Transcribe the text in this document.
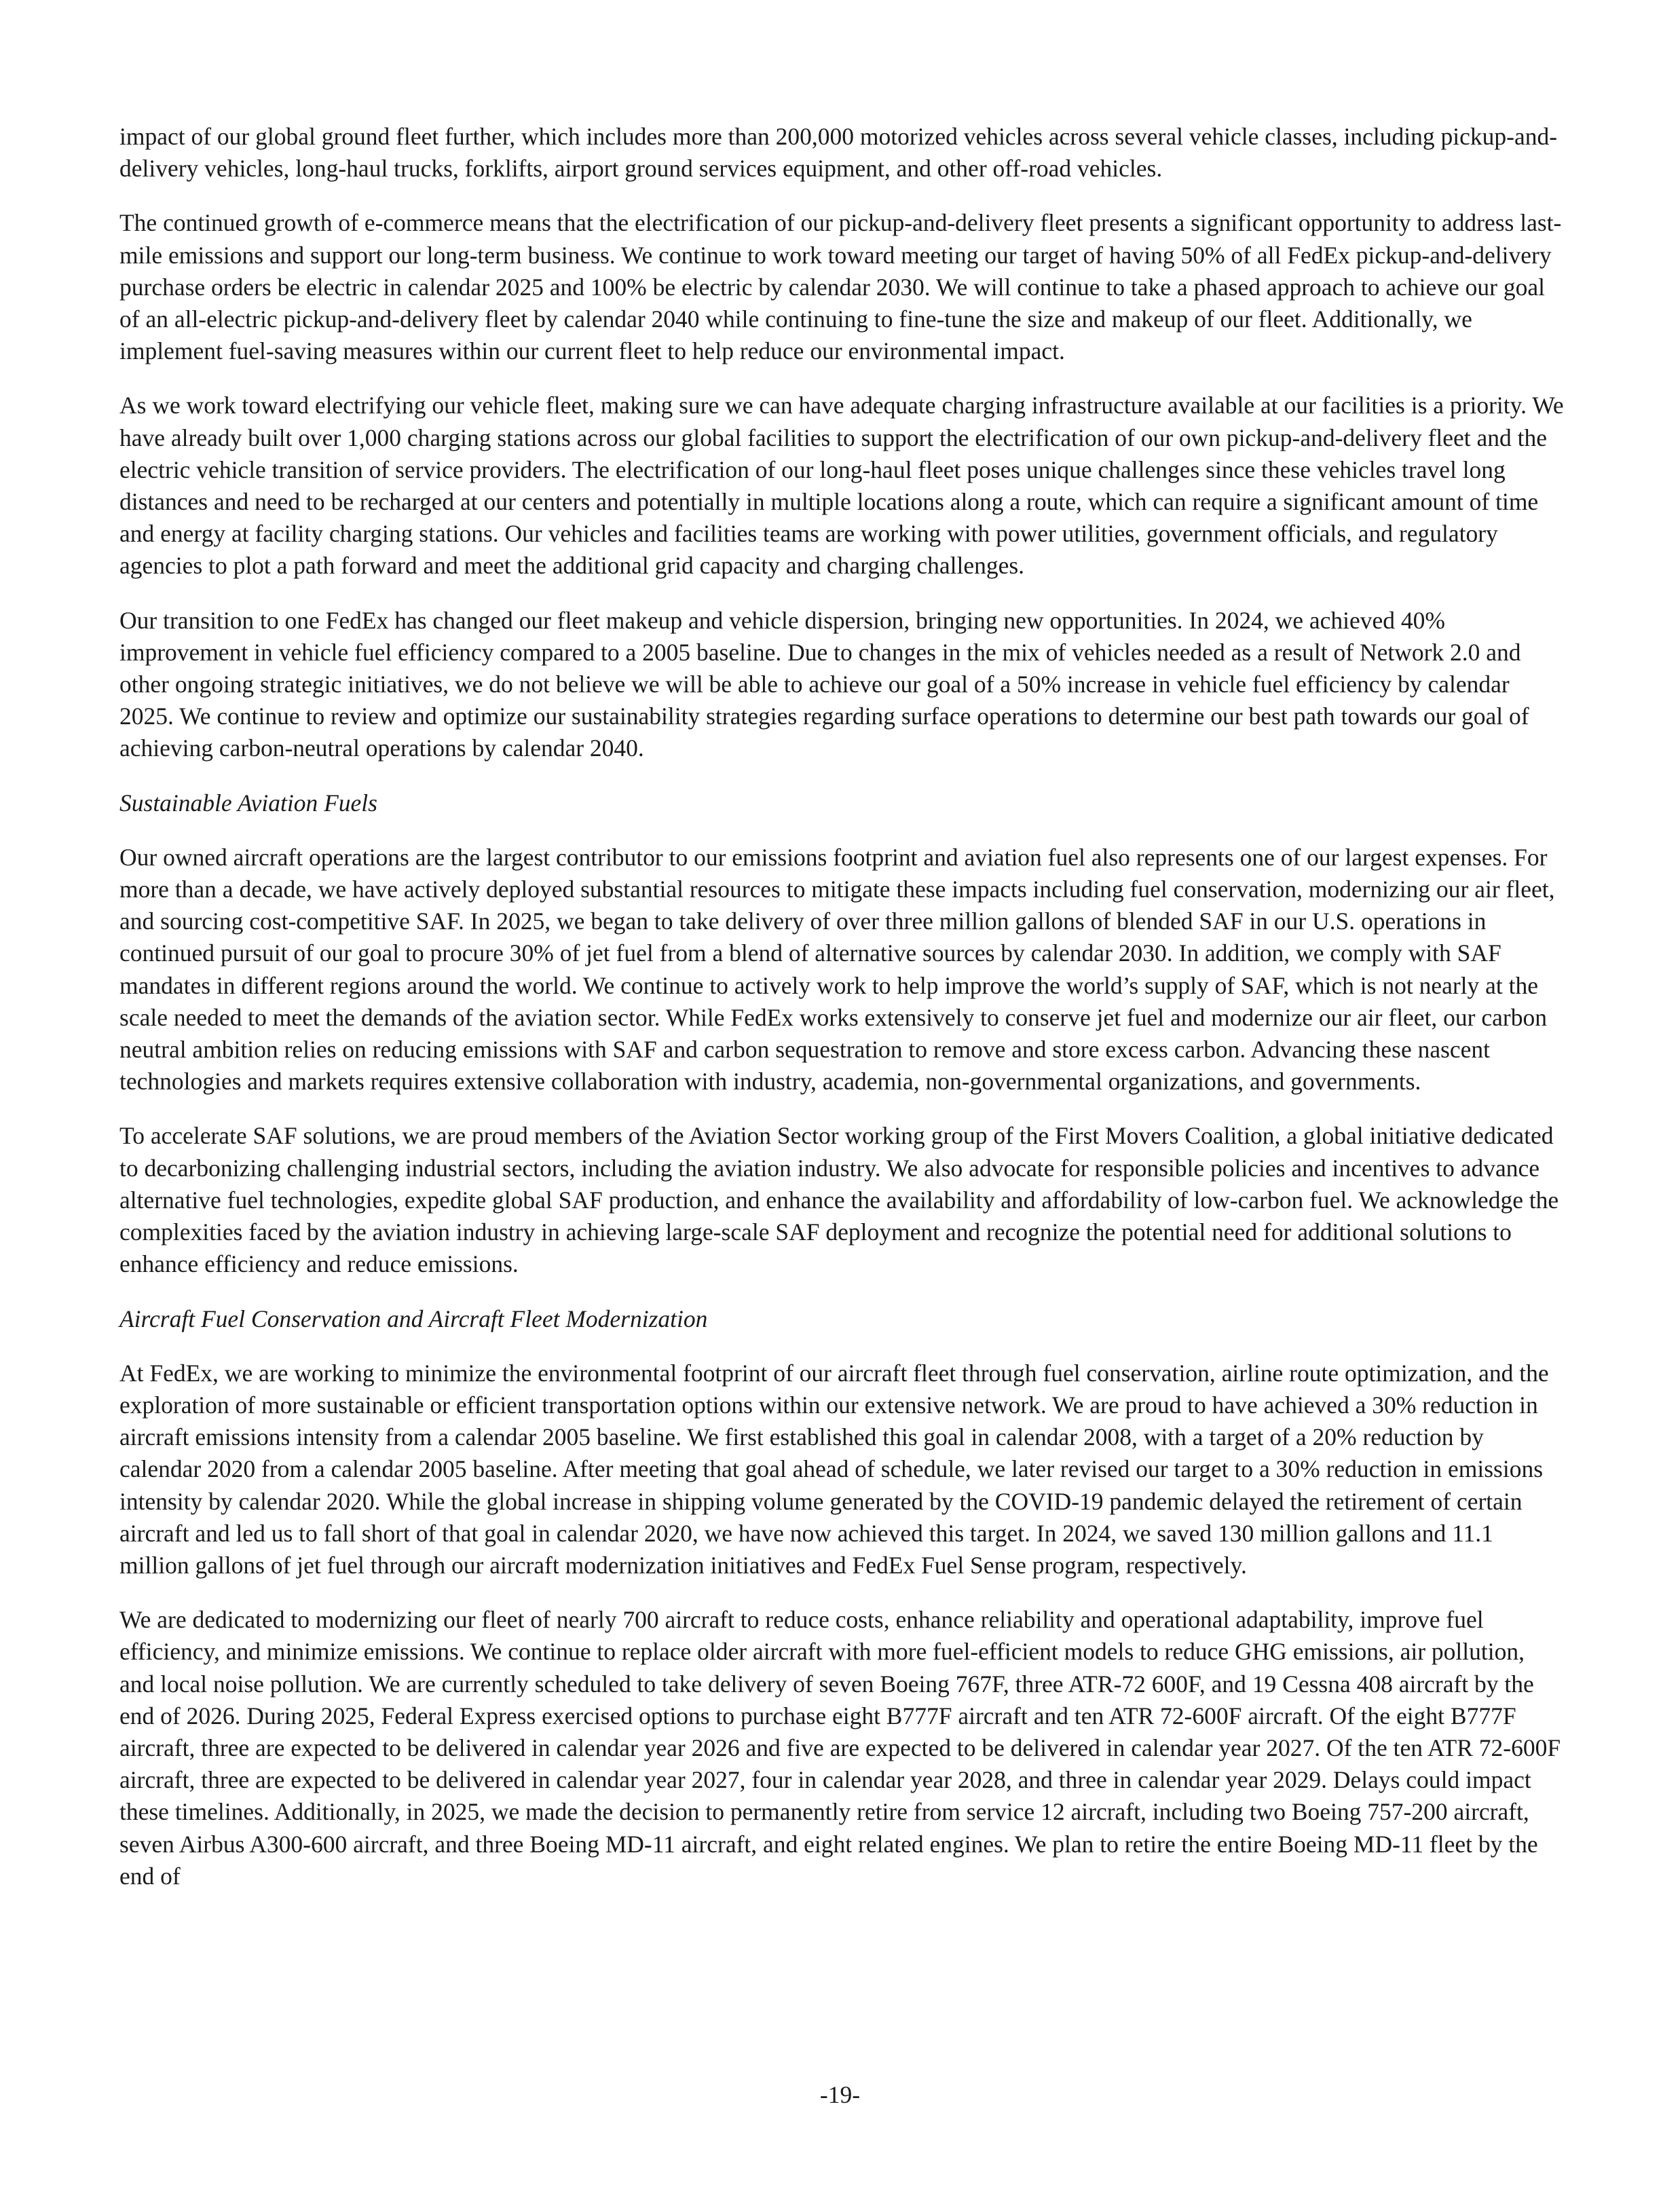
impact of our global ground fleet further, which includes more than 200,000 motorized vehicles across several vehicle classes, including pickup-and-delivery vehicles, long-haul trucks, forklifts, airport ground services equipment, and other off-road vehicles.

The continued growth of e-commerce means that the electrification of our pickup-and-delivery fleet presents a significant opportunity to address last-mile emissions and support our long-term business. We continue to work toward meeting our target of having 50% of all FedEx pickup-and-delivery purchase orders be electric in calendar 2025 and 100% be electric by calendar 2030. We will continue to take a phased approach to achieve our goal of an all-electric pickup-and-delivery fleet by calendar 2040 while continuing to fine-tune the size and makeup of our fleet. Additionally, we implement fuel-saving measures within our current fleet to help reduce our environmental impact.

As we work toward electrifying our vehicle fleet, making sure we can have adequate charging infrastructure available at our facilities is a priority. We have already built over 1,000 charging stations across our global facilities to support the electrification of our own pickup-and-delivery fleet and the electric vehicle transition of service providers. The electrification of our long-haul fleet poses unique challenges since these vehicles travel long distances and need to be recharged at our centers and potentially in multiple locations along a route, which can require a significant amount of time and energy at facility charging stations. Our vehicles and facilities teams are working with power utilities, government officials, and regulatory agencies to plot a path forward and meet the additional grid capacity and charging challenges.

Our transition to one FedEx has changed our fleet makeup and vehicle dispersion, bringing new opportunities. In 2024, we achieved 40% improvement in vehicle fuel efficiency compared to a 2005 baseline. Due to changes in the mix of vehicles needed as a result of Network 2.0 and other ongoing strategic initiatives, we do not believe we will be able to achieve our goal of a 50% increase in vehicle fuel efficiency by calendar 2025. We continue to review and optimize our sustainability strategies regarding surface operations to determine our best path towards our goal of achieving carbon-neutral operations by calendar 2040.

Sustainable Aviation Fuels

Our owned aircraft operations are the largest contributor to our emissions footprint and aviation fuel also represents one of our largest expenses. For more than a decade, we have actively deployed substantial resources to mitigate these impacts including fuel conservation, modernizing our air fleet, and sourcing cost-competitive SAF. In 2025, we began to take delivery of over three million gallons of blended SAF in our U.S. operations in continued pursuit of our goal to procure 30% of jet fuel from a blend of alternative sources by calendar 2030. In addition, we comply with SAF mandates in different regions around the world. We continue to actively work to help improve the world’s supply of SAF, which is not nearly at the scale needed to meet the demands of the aviation sector. While FedEx works extensively to conserve jet fuel and modernize our air fleet, our carbon neutral ambition relies on reducing emissions with SAF and carbon sequestration to remove and store excess carbon. Advancing these nascent technologies and markets requires extensive collaboration with industry, academia, non-governmental organizations, and governments.

To accelerate SAF solutions, we are proud members of the Aviation Sector working group of the First Movers Coalition, a global initiative dedicated to decarbonizing challenging industrial sectors, including the aviation industry. We also advocate for responsible policies and incentives to advance alternative fuel technologies, expedite global SAF production, and enhance the availability and affordability of low-carbon fuel. We acknowledge the complexities faced by the aviation industry in achieving large-scale SAF deployment and recognize the potential need for additional solutions to enhance efficiency and reduce emissions.

Aircraft Fuel Conservation and Aircraft Fleet Modernization

At FedEx, we are working to minimize the environmental footprint of our aircraft fleet through fuel conservation, airline route optimization, and the exploration of more sustainable or efficient transportation options within our extensive network. We are proud to have achieved a 30% reduction in aircraft emissions intensity from a calendar 2005 baseline. We first established this goal in calendar 2008, with a target of a 20% reduction by calendar 2020 from a calendar 2005 baseline. After meeting that goal ahead of schedule, we later revised our target to a 30% reduction in emissions intensity by calendar 2020. While the global increase in shipping volume generated by the COVID-19 pandemic delayed the retirement of certain aircraft and led us to fall short of that goal in calendar 2020, we have now achieved this target. In 2024, we saved 130 million gallons and 11.1 million gallons of jet fuel through our aircraft modernization initiatives and FedEx Fuel Sense program, respectively.

We are dedicated to modernizing our fleet of nearly 700 aircraft to reduce costs, enhance reliability and operational adaptability, improve fuel efficiency, and minimize emissions. We continue to replace older aircraft with more fuel-efficient models to reduce GHG emissions, air pollution, and local noise pollution. We are currently scheduled to take delivery of seven Boeing 767F, three ATR-72 600F, and 19 Cessna 408 aircraft by the end of 2026. During 2025, Federal Express exercised options to purchase eight B777F aircraft and ten ATR 72-600F aircraft. Of the eight B777F aircraft, three are expected to be delivered in calendar year 2026 and five are expected to be delivered in calendar year 2027. Of the ten ATR 72-600F aircraft, three are expected to be delivered in calendar year 2027, four in calendar year 2028, and three in calendar year 2029. Delays could impact these timelines. Additionally, in 2025, we made the decision to permanently retire from service 12 aircraft, including two Boeing 757-200 aircraft, seven Airbus A300-600 aircraft, and three Boeing MD-11 aircraft, and eight related engines. We plan to retire the entire Boeing MD-11 fleet by the end of

-19-
